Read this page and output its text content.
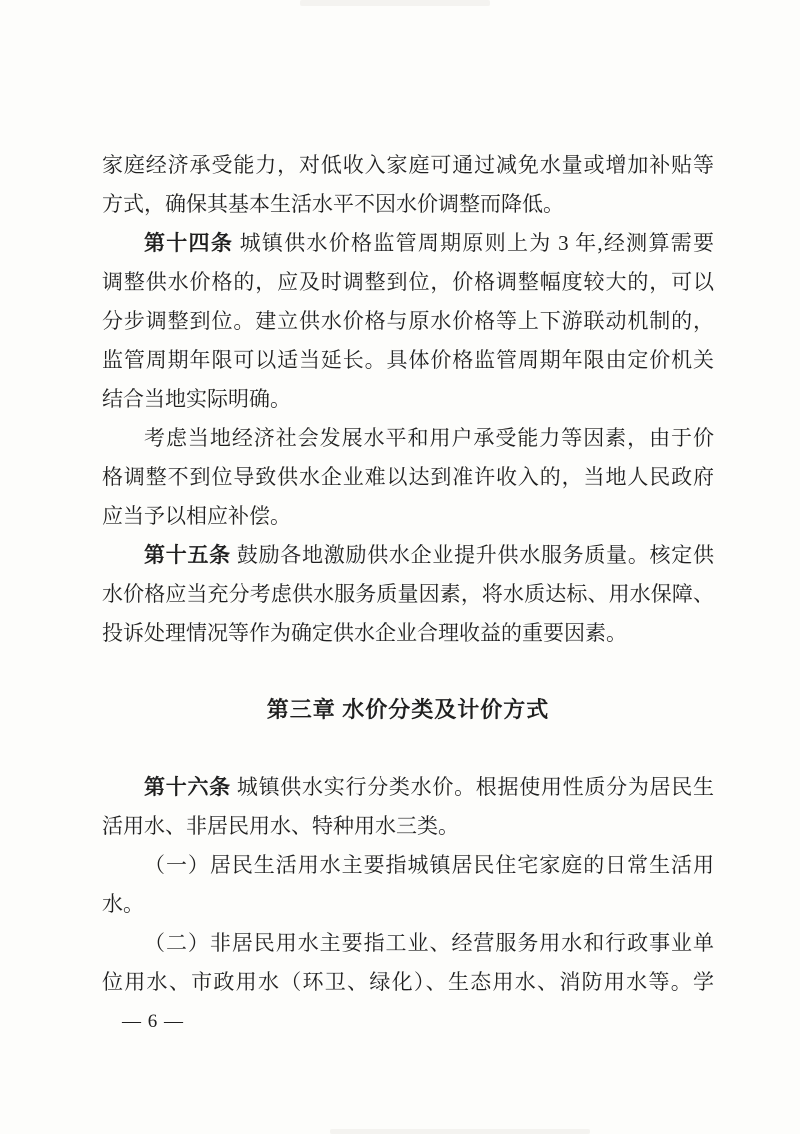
家庭经济承受能力，对低收入家庭可通过减免水量或增加补贴等
方式，确保其基本生活水平不因水价调整而降低。
第十四条 城镇供水价格监管周期原则上为 3 年,经测算需要
调整供水价格的，应及时调整到位，价格调整幅度较大的，可以
分步调整到位。建立供水价格与原水价格等上下游联动机制的，
监管周期年限可以适当延长。具体价格监管周期年限由定价机关
结合当地实际明确。
考虑当地经济社会发展水平和用户承受能力等因素，由于价
格调整不到位导致供水企业难以达到准许收入的，当地人民政府
应当予以相应补偿。
第十五条 鼓励各地激励供水企业提升供水服务质量。核定供
水价格应当充分考虑供水服务质量因素，将水质达标、用水保障、
投诉处理情况等作为确定供水企业合理收益的重要因素。
第三章 水价分类及计价方式
第十六条 城镇供水实行分类水价。根据使用性质分为居民生
活用水、非居民用水、特种用水三类。
（一）居民生活用水主要指城镇居民住宅家庭的日常生活用
水。
（二）非居民用水主要指工业、经营服务用水和行政事业单
位用水、市政用水（环卫、绿化）、生态用水、消防用水等。学
— 6 —
